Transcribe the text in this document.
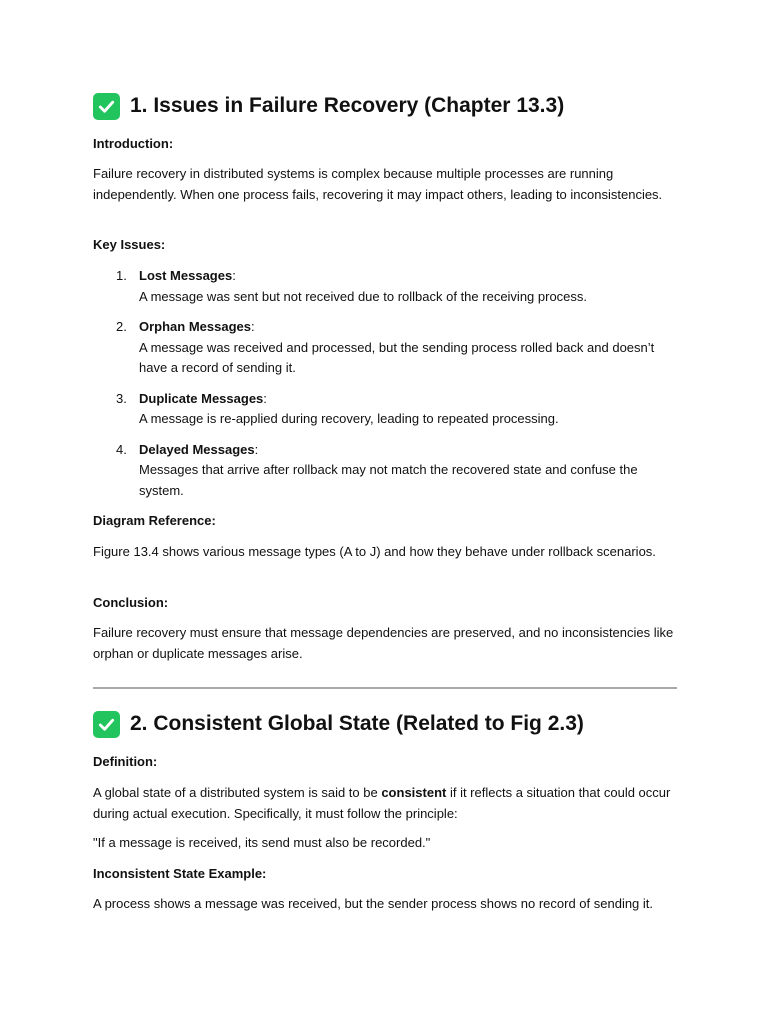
1. Issues in Failure Recovery (Chapter 13.3)
Introduction:
Failure recovery in distributed systems is complex because multiple processes are running independently. When one process fails, recovering it may impact others, leading to inconsistencies.
Key Issues:
1. Lost Messages:
A message was sent but not received due to rollback of the receiving process.
2. Orphan Messages:
A message was received and processed, but the sending process rolled back and doesn’t have a record of sending it.
3. Duplicate Messages:
A message is re-applied during recovery, leading to repeated processing.
4. Delayed Messages:
Messages that arrive after rollback may not match the recovered state and confuse the system.
Diagram Reference:
Figure 13.4 shows various message types (A to J) and how they behave under rollback scenarios.
Conclusion:
Failure recovery must ensure that message dependencies are preserved, and no inconsistencies like orphan or duplicate messages arise.
2. Consistent Global State (Related to Fig 2.3)
Definition:
A global state of a distributed system is said to be consistent if it reflects a situation that could occur during actual execution. Specifically, it must follow the principle:
"If a message is received, its send must also be recorded."
Inconsistent State Example:
A process shows a message was received, but the sender process shows no record of sending it.
